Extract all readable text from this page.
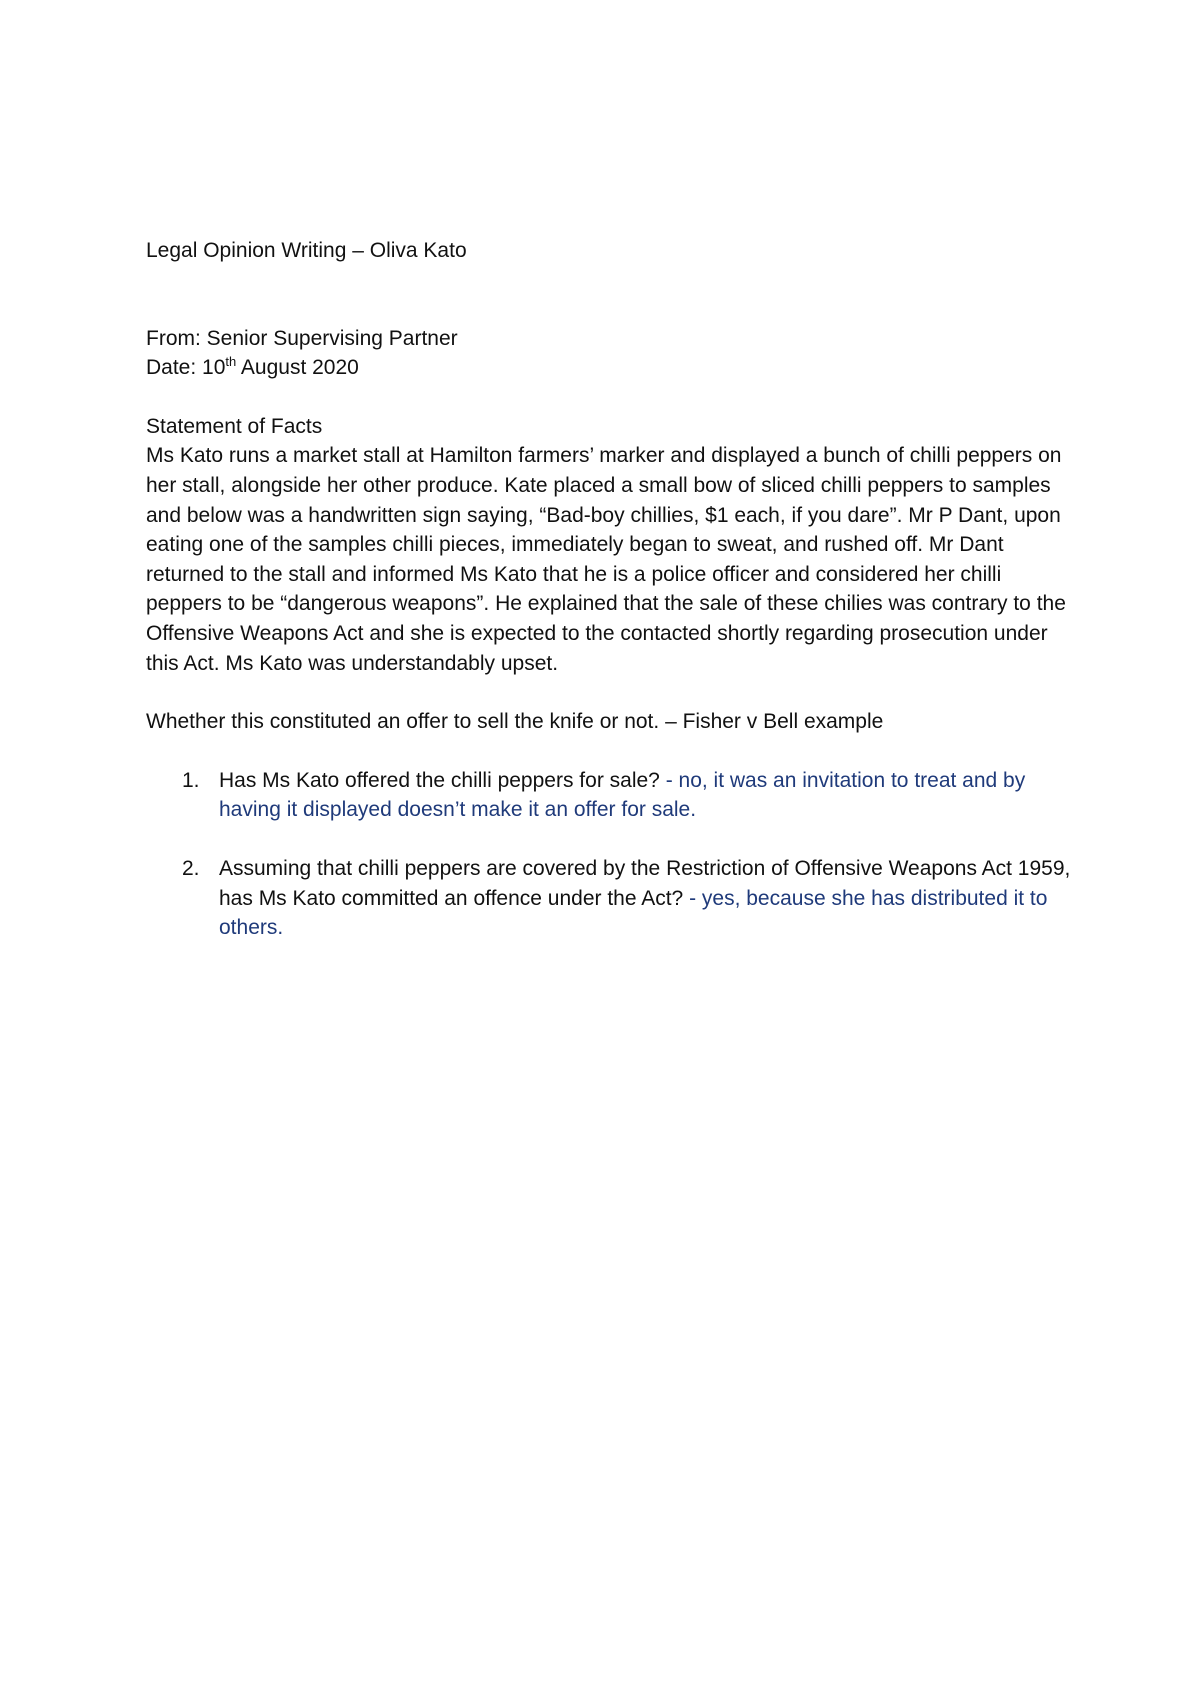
Legal Opinion Writing – Oliva Kato

From: Senior Supervising Partner

Date: 10th August 2020

Statement of Facts

Ms Kato runs a market stall at Hamilton farmers’ marker and displayed a bunch of chilli peppers on her stall, alongside her other produce. Kate placed a small bow of sliced chilli peppers to samples and below was a handwritten sign saying, “Bad-boy chillies, $1 each, if you dare”. Mr P Dant, upon eating one of the samples chilli pieces, immediately began to sweat, and rushed off. Mr Dant returned to the stall and informed Ms Kato that he is a police officer and considered her chilli peppers to be “dangerous weapons”. He explained that the sale of these chilies was contrary to the Offensive Weapons Act and she is expected to the contacted shortly regarding prosecution under this Act. Ms Kato was understandably upset.

Whether this constituted an offer to sell the knife or not. – Fisher v Bell example

1. Has Ms Kato offered the chilli peppers for sale? - no, it was an invitation to treat and by having it displayed doesn’t make it an offer for sale.
2. Assuming that chilli peppers are covered by the Restriction of Offensive Weapons Act 1959, has Ms Kato committed an offence under the Act? - yes, because she has distributed it to others.
